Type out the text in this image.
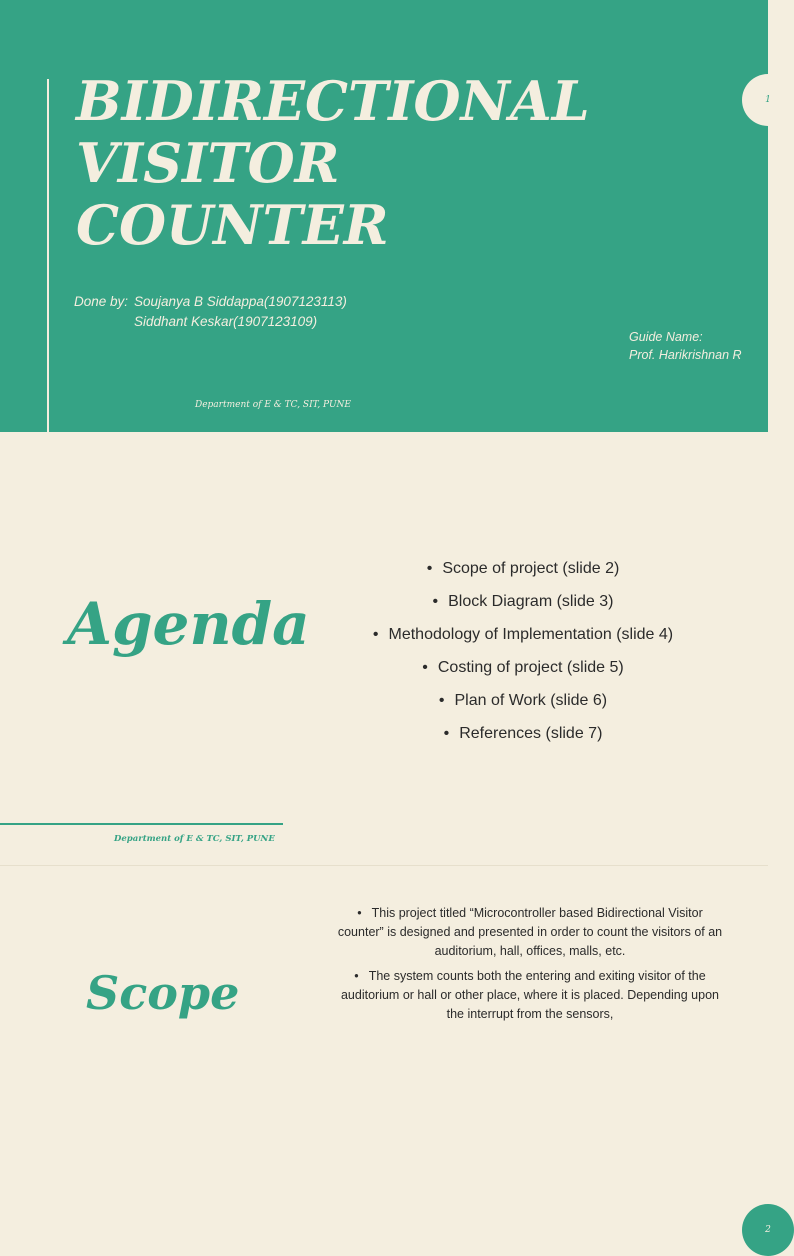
BIDIRECTIONAL
VISITOR
COUNTER
Done by: Soujanya B Siddappa(1907123113)
Siddhant Keskar(1907123109)
Guide Name:
Prof. Harikrishnan R
Department of E & TC, SIT, PUNE
1
Agenda
• Scope of project (slide 2)
• Block Diagram (slide 3)
• Methodology of Implementation (slide 4)
• Costing of project (slide 5)
• Plan of Work (slide 6)
• References (slide 7)
Department of E & TC, SIT, PUNE
2
Scope
• This project titled “Microcontroller based Bidirectional Visitor counter” is designed and presented in order to count the visitors of an auditorium, hall, offices, malls, etc.
• The system counts both the entering and exiting visitor of the auditorium or hall or other place, where it is placed. Depending upon the interrupt from the sensors,
